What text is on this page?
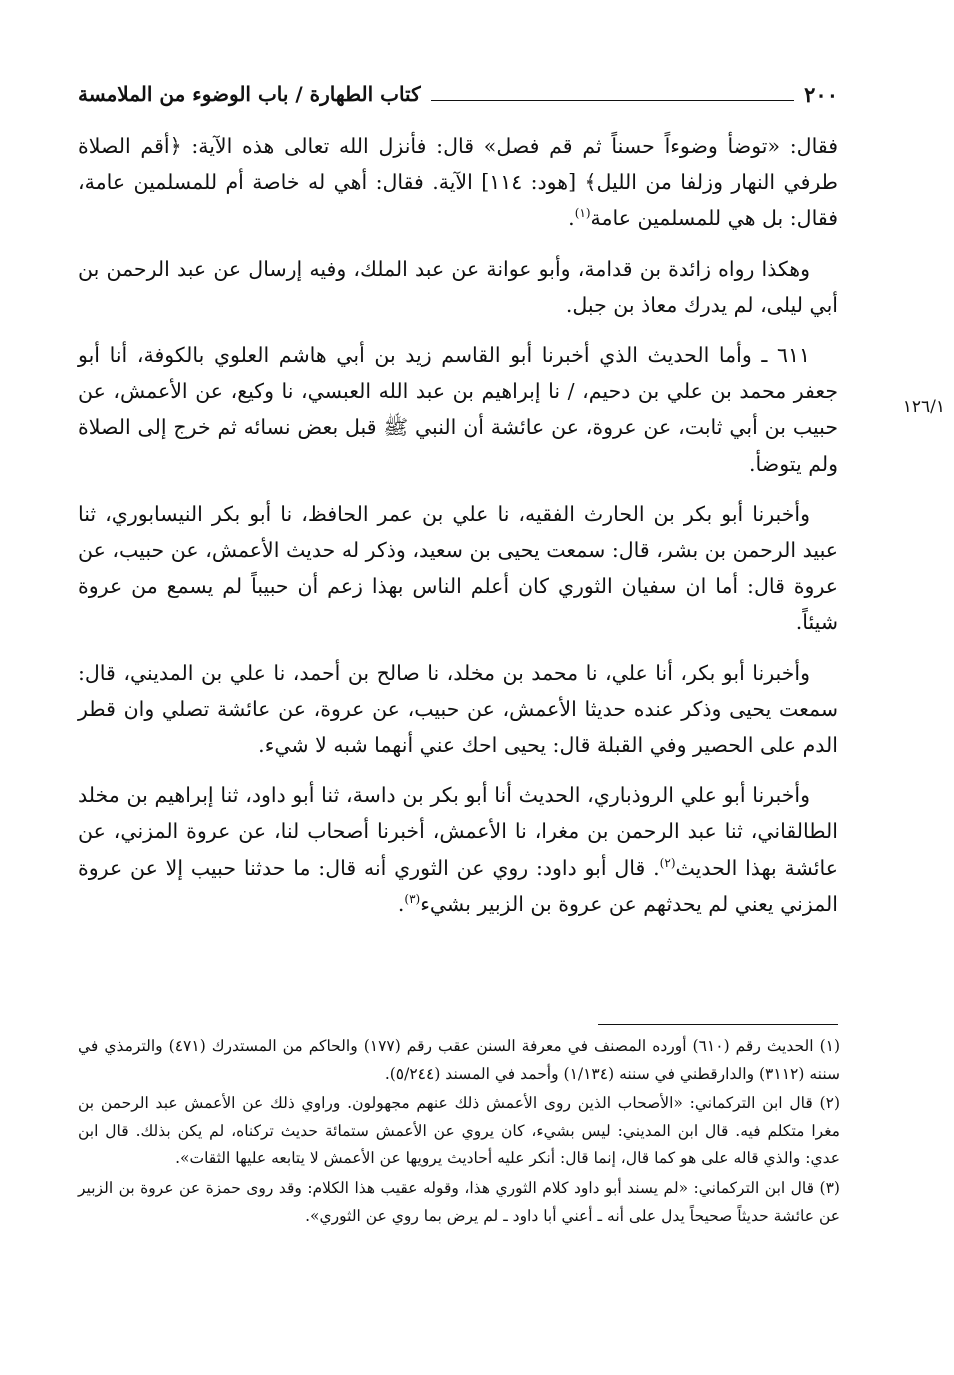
٢٠٠
كتاب الطهارة / باب الوضوء من الملامسة
١٢٦/١

فقال: «توضأ وضوءاً حسناً ثم قم فصل» قال: فأنزل الله تعالى هذه الآية: ﴿أقم الصلاة طرفي النهار وزلفا من الليل﴾ [هود: ١١٤] الآية. فقال: أهي له خاصة أم للمسلمين عامة، فقال: بل هي للمسلمين عامة$^{(١)}$.

وهكذا رواه زائدة بن قدامة، وأبو عوانة عن عبد الملك، وفيه إرسال عن عبد الرحمن بن أبي ليلى، لم يدرك معاذ بن جبل.

٦١١ ـ وأما الحديث الذي أخبرنا أبو القاسم زيد بن أبي هاشم العلوي بالكوفة، أنا أبو جعفر محمد بن علي بن دحيم، / نا إبراهيم بن عبد الله العبسي، نا وكيع، عن الأعمش، عن حبيب بن أبي ثابت، عن عروة، عن عائشة أن النبي ﷺ قبل بعض نسائه ثم خرج إلى الصلاة ولم يتوضأ.

وأخبرنا أبو بكر بن الحارث الفقيه، نا علي بن عمر الحافظ، نا أبو بكر النيسابوري، ثنا عبيد الرحمن بن بشر، قال: سمعت يحيى بن سعيد، وذكر له حديث الأعمش، عن حبيب، عن عروة قال: أما ان سفيان الثوري كان أعلم الناس بهذا زعم أن حبيباً لم يسمع من عروة شيئاً.

وأخبرنا أبو بكر، أنا علي، نا محمد بن مخلد، نا صالح بن أحمد، نا علي بن المديني، قال: سمعت يحيى وذكر عنده حديثا الأعمش، عن حبيب، عن عروة، عن عائشة تصلي وان قطر الدم على الحصير وفي القبلة قال: يحيى احك عني أنهما شبه لا شيء.

وأخبرنا أبو علي الروذباري، الحديث أنا أبو بكر بن داسة، ثنا أبو داود، ثنا إبراهيم بن مخلد الطالقاني، ثنا عبد الرحمن بن مغرا، نا الأعمش، أخبرنا أصحاب لنا، عن عروة المزني، عن عائشة بهذا الحديث$^{(٢)}$. قال أبو داود: روي عن الثوري أنه قال: ما حدثنا حبيب إلا عن عروة المزني يعني لم يحدثهم عن عروة بن الزبير بشيء$^{(٣)}$.

(١) الحديث رقم (٦١٠) أورده المصنف في معرفة السنن عقب رقم (١٧٧) والحاكم من المستدرك (٤٧١) والترمذي في سننه (٣١١٢) والدارقطني في سننه (١/١٣٤) وأحمد في المسند (٥/٢٤٤).

(٢) قال ابن التركماني: «الأصحاب الذين روى الأعمش ذلك عنهم مجهولون. وراوي ذلك عن الأعمش عبد الرحمن بن مغرا متكلم فيه. قال ابن المديني: ليس بشيء، كان يروي عن الأعمش ستمائة حديث تركناه، لم يكن بذلك. قال ابن عدي: والذي قاله على هو كما قال، إنما قال: أنكر عليه أحاديث يرويها عن الأعمش لا يتابعه عليها الثقات».

(٣) قال ابن التركماني: «لم يسند أبو داود كلام الثوري هذا، وقوله عقيب هذا الكلام: وقد روى حمزة عن عروة بن الزبير عن عائشة حديثاً صحيحاً يدل على أنه ـ أعني أبا داود ـ لم يرض بما روي عن الثوري».
